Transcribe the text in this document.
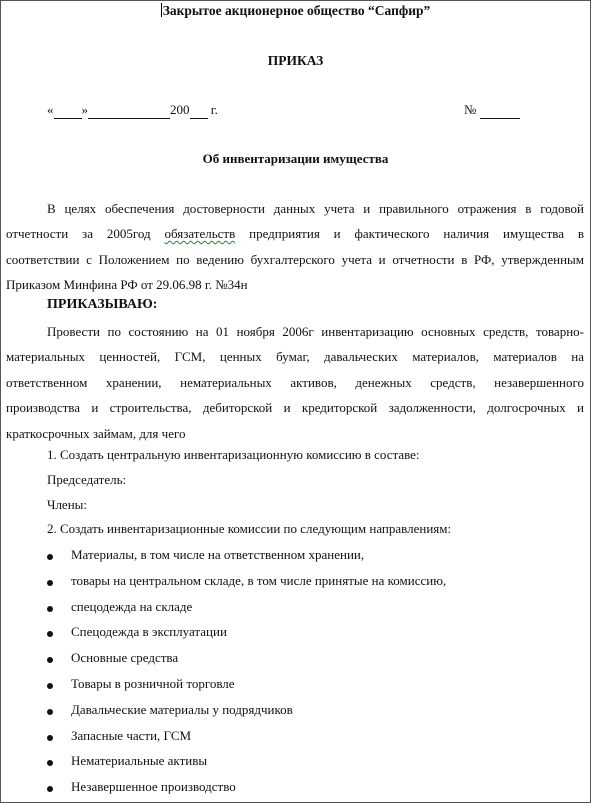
Закрытое акционерное общество “Сапфир”
ПРИКАЗ
« »	200  г.	№
Об инвентаризации имущества
В целях обеспечения достоверности данных учета и правильного отражения в годовой
отчетности за 2005год обязательств предприятия и фактического наличия имущества в
соответствии с Положением по ведению бухгалтерского учета и отчетности в РФ, утвержденным
Приказом Минфина РФ от 29.06.98 г. №34н
ПРИКАЗЫВАЮ:
Провести по состоянию на 01 ноября 2006г инвентаризацию основных средств, товарно-
материальных ценностей, ГСМ, ценных бумаг, давальческих материалов, материалов на
ответственном хранении, нематериальных активов, денежных средств, незавершенного
производства и строительства, дебиторской и кредиторской задолженности, долгосрочных и
краткосрочных займам, для чего
1. Создать центральную инвентаризационную комиссию в составе:
Председатель:
Члены:
2. Создать инвентаризационные комиссии по следующим направлениям:
Материалы, в том числе на ответственном хранении,
товары на центральном складе, в том числе принятые на комиссию,
спецодежда на складе
Спецодежда в эксплуатации
Основные средства
Товары в розничной торговле
Давальческие материалы у подрядчиков
Запасные части, ГСМ
Нематериальные активы
Незавершенное производство
